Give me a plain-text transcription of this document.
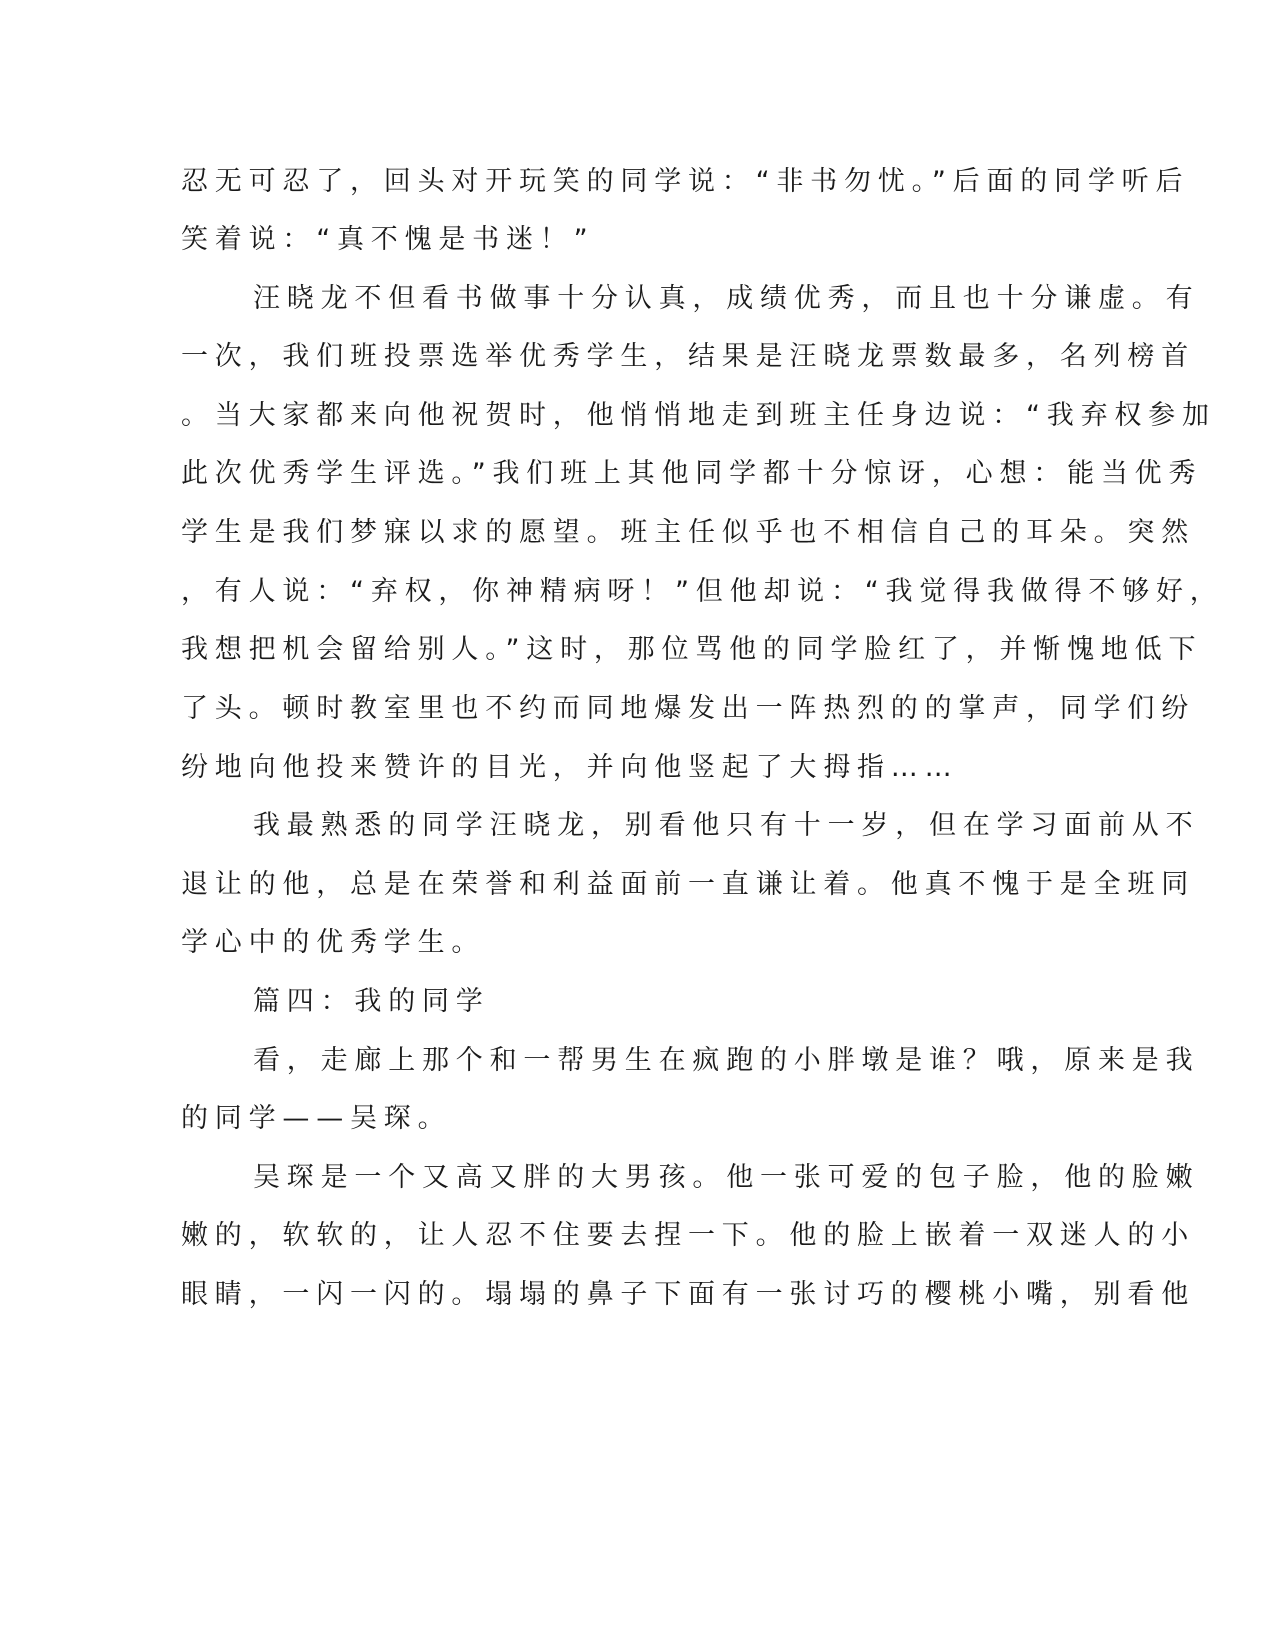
忍无可忍了，回头对开玩笑的同学说：“非书勿忧。”后面的同学听后
笑着说：“真不愧是书迷！”
汪晓龙不但看书做事十分认真，成绩优秀，而且也十分谦虚。有
一次，我们班投票选举优秀学生，结果是汪晓龙票数最多，名列榜首
。当大家都来向他祝贺时，他悄悄地走到班主任身边说：“我弃权参加
此次优秀学生评选。”我们班上其他同学都十分惊讶，心想：能当优秀
学生是我们梦寐以求的愿望。班主任似乎也不相信自己的耳朵。突然
，有人说：“弃权，你神精病呀！”但他却说：“我觉得我做得不够好，
我想把机会留给别人。”这时，那位骂他的同学脸红了，并惭愧地低下
了头。顿时教室里也不约而同地爆发出一阵热烈的的掌声，同学们纷
纷地向他投来赞许的目光，并向他竖起了大拇指……
我最熟悉的同学汪晓龙，别看他只有十一岁，但在学习面前从不
退让的他，总是在荣誉和利益面前一直谦让着。他真不愧于是全班同
学心中的优秀学生。
篇四：我的同学
看，走廊上那个和一帮男生在疯跑的小胖墩是谁？哦，原来是我
的同学——吴琛。
吴琛是一个又高又胖的大男孩。他一张可爱的包子脸，他的脸嫩
嫩的，软软的，让人忍不住要去捏一下。他的脸上嵌着一双迷人的小
眼睛，一闪一闪的。塌塌的鼻子下面有一张讨巧的樱桃小嘴，别看他
